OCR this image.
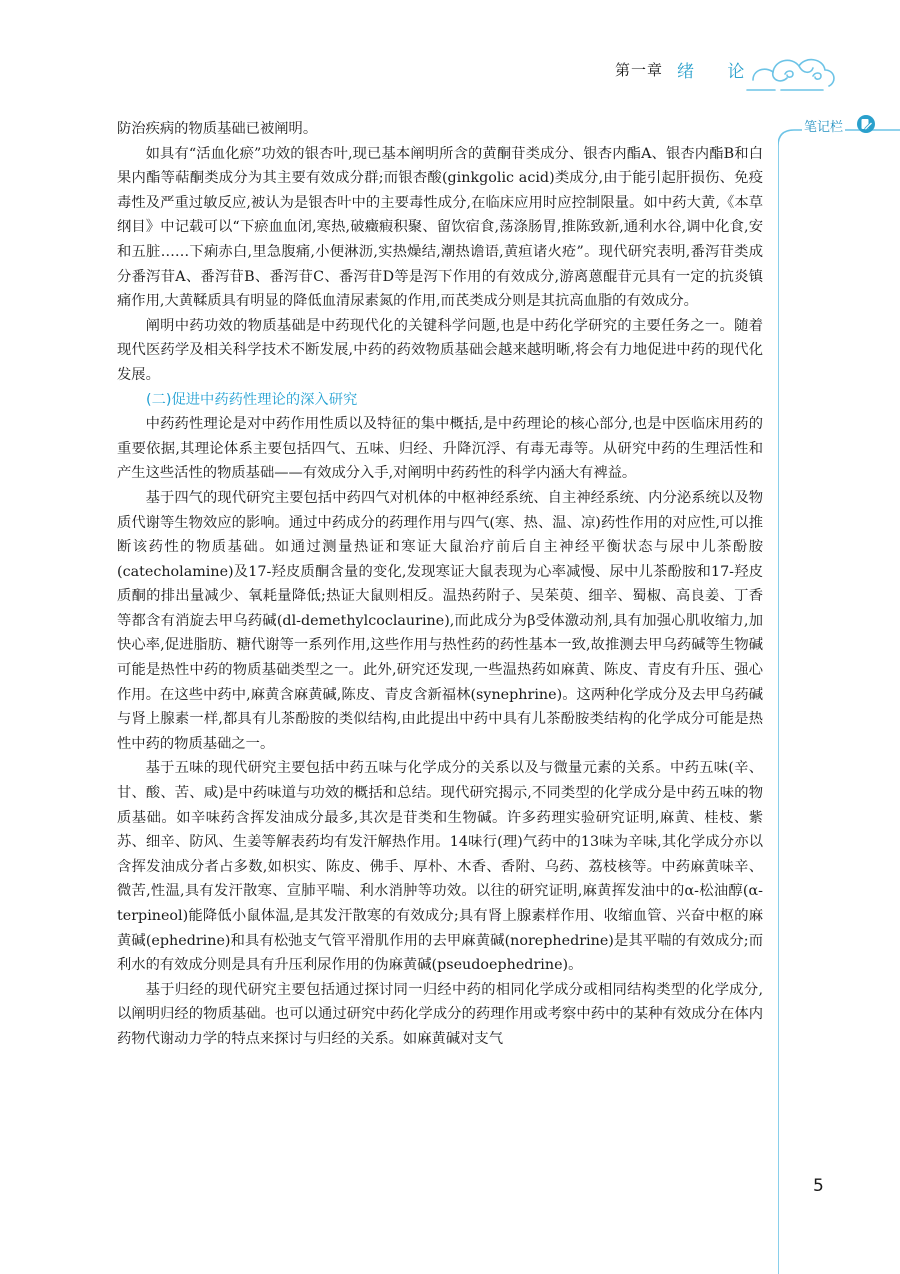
第一章 绪 论
笔记栏

防治疾病的物质基础已被阐明。

如具有“活血化瘀”功效的银杏叶,现已基本阐明所含的黄酮苷类成分、银杏内酯A、银杏内酯B和白果内酯等萜酮类成分为其主要有效成分群;而银杏酸(ginkgolic acid)类成分,由于能引起肝损伤、免疫毒性及严重过敏反应,被认为是银杏叶中的主要毒性成分,在临床应用时应控制限量。如中药大黄,《本草纲目》中记载可以“下瘀血血闭,寒热,破癥瘕积聚、留饮宿食,荡涤肠胃,推陈致新,通利水谷,调中化食,安和五脏……下痢赤白,里急腹痛,小便淋沥,实热燥结,潮热谵语,黄疸诸火疮”。现代研究表明,番泻苷类成分番泻苷A、番泻苷B、番泻苷C、番泻苷D等是泻下作用的有效成分,游离蒽醌苷元具有一定的抗炎镇痛作用,大黄鞣质具有明显的降低血清尿素氮的作用,而芪类成分则是其抗高血脂的有效成分。

阐明中药功效的物质基础是中药现代化的关键科学问题,也是中药化学研究的主要任务之一。随着现代医药学及相关科学技术不断发展,中药的药效物质基础会越来越明晰,将会有力地促进中药的现代化发展。

(二)促进中药药性理论的深入研究

中药药性理论是对中药作用性质以及特征的集中概括,是中药理论的核心部分,也是中医临床用药的重要依据,其理论体系主要包括四气、五味、归经、升降沉浮、有毒无毒等。从研究中药的生理活性和产生这些活性的物质基础——有效成分入手,对阐明中药药性的科学内涵大有裨益。

基于四气的现代研究主要包括中药四气对机体的中枢神经系统、自主神经系统、内分泌系统以及物质代谢等生物效应的影响。通过中药成分的药理作用与四气(寒、热、温、凉)药性作用的对应性,可以推断该药性的物质基础。如通过测量热证和寒证大鼠治疗前后自主神经平衡状态与尿中儿茶酚胺(catecholamine)及17-羟皮质酮含量的变化,发现寒证大鼠表现为心率减慢、尿中儿茶酚胺和17-羟皮质酮的排出量减少、氧耗量降低;热证大鼠则相反。温热药附子、吴茱萸、细辛、蜀椒、高良姜、丁香等都含有消旋去甲乌药碱(dl-demethylcoclaurine),而此成分为β受体激动剂,具有加强心肌收缩力,加快心率,促进脂肪、糖代谢等一系列作用,这些作用与热性药的药性基本一致,故推测去甲乌药碱等生物碱可能是热性中药的物质基础类型之一。此外,研究还发现,一些温热药如麻黄、陈皮、青皮有升压、强心作用。在这些中药中,麻黄含麻黄碱,陈皮、青皮含新福林(synephrine)。这两种化学成分及去甲乌药碱与肾上腺素一样,都具有儿茶酚胺的类似结构,由此提出中药中具有儿茶酚胺类结构的化学成分可能是热性中药的物质基础之一。

基于五味的现代研究主要包括中药五味与化学成分的关系以及与微量元素的关系。中药五味(辛、甘、酸、苦、咸)是中药味道与功效的概括和总结。现代研究揭示,不同类型的化学成分是中药五味的物质基础。如辛味药含挥发油成分最多,其次是苷类和生物碱。许多药理实验研究证明,麻黄、桂枝、紫苏、细辛、防风、生姜等解表药均有发汗解热作用。14味行(理)气药中的13味为辛味,其化学成分亦以含挥发油成分者占多数,如枳实、陈皮、佛手、厚朴、木香、香附、乌药、荔枝核等。中药麻黄味辛、微苦,性温,具有发汗散寒、宣肺平喘、利水消肿等功效。以往的研究证明,麻黄挥发油中的α-松油醇(α-terpineol)能降低小鼠体温,是其发汗散寒的有效成分;具有肾上腺素样作用、收缩血管、兴奋中枢的麻黄碱(ephedrine)和具有松弛支气管平滑肌作用的去甲麻黄碱(norephedrine)是其平喘的有效成分;而利水的有效成分则是具有升压利尿作用的伪麻黄碱(pseudoephedrine)。

基于归经的现代研究主要包括通过探讨同一归经中药的相同化学成分或相同结构类型的化学成分,以阐明归经的物质基础。也可以通过研究中药化学成分的药理作用或考察中药中的某种有效成分在体内药物代谢动力学的特点来探讨与归经的关系。如麻黄碱对支气

5
